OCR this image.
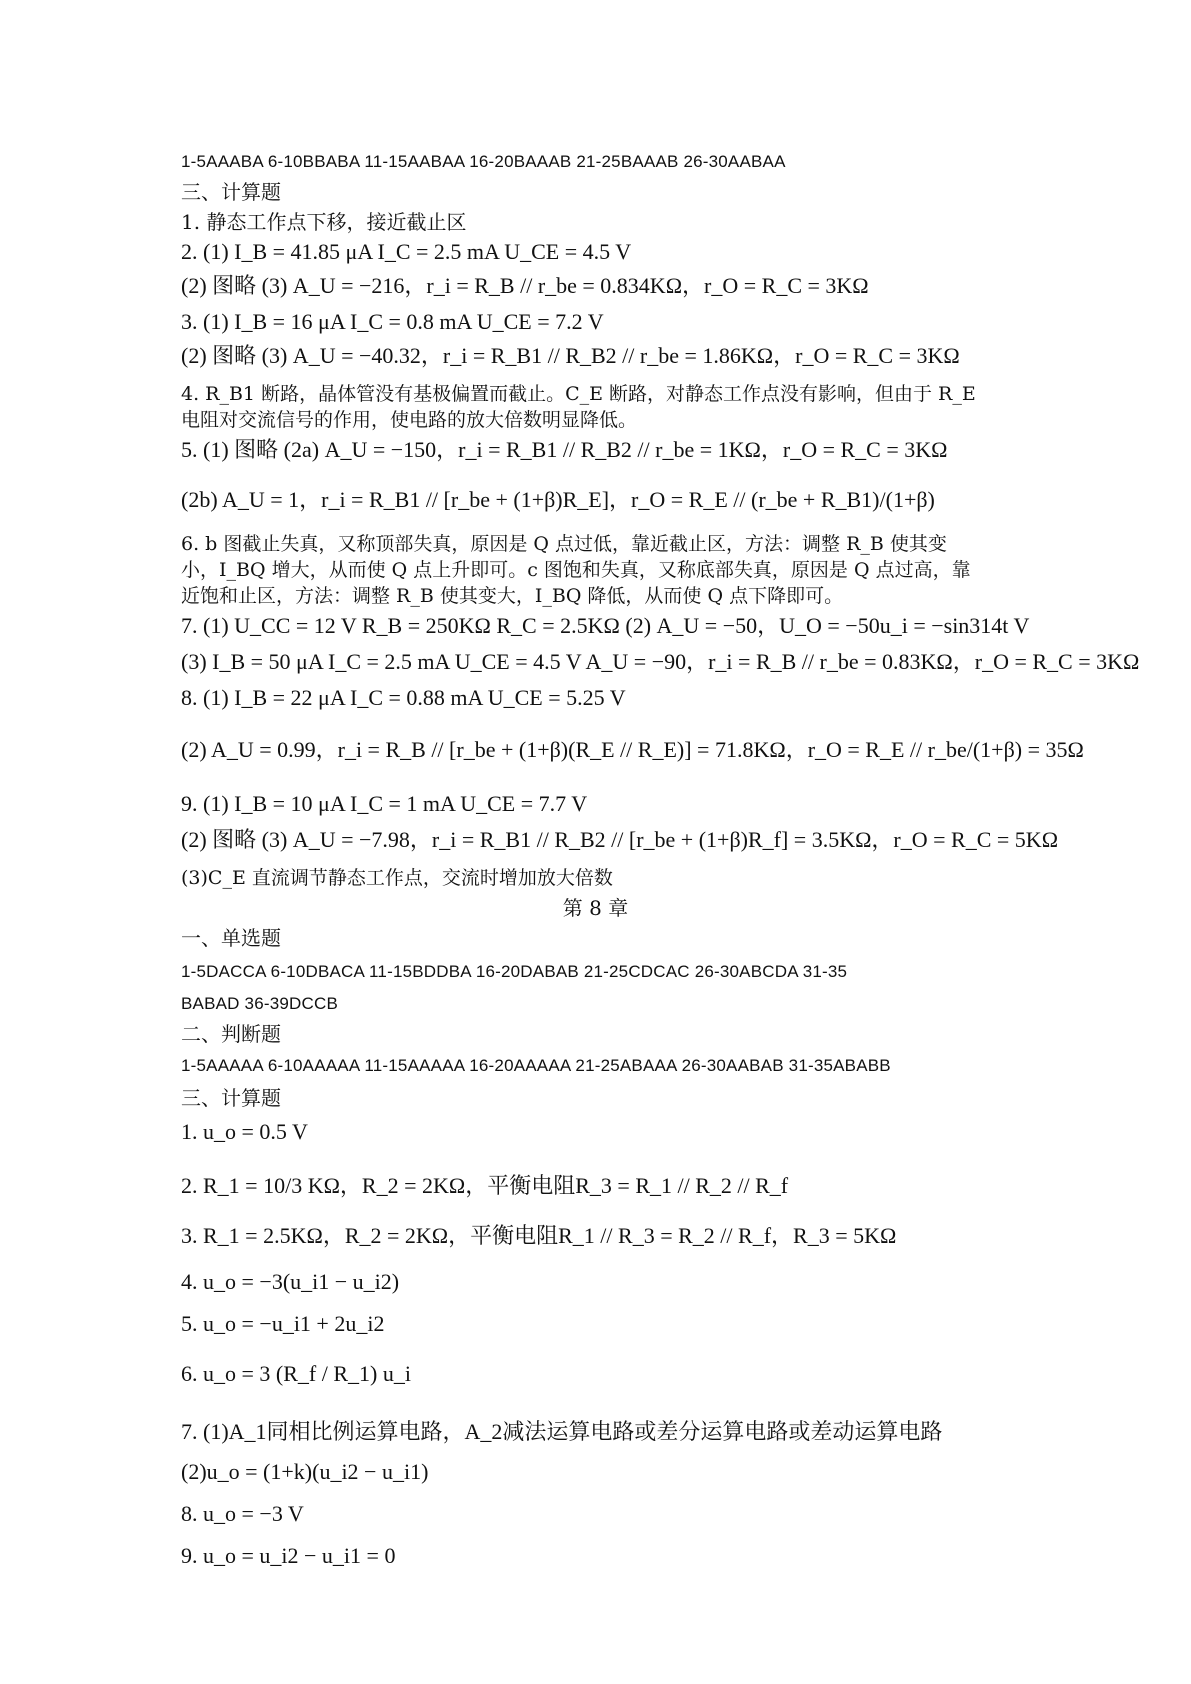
1-5AAABA 6-10BBABA 11-15AABAA 16-20BAAAB 21-25BAAAB 26-30AABAA
三、计算题
1. 静态工作点下移，接近截止区
2. (1) I_B = 41.85 μA I_C = 2.5 mA U_CE = 4.5 V
(2) 图略 (3) A_U = −216，r_i = R_B // r_be = 0.834KΩ，r_O = R_C = 3KΩ
3. (1) I_B = 16 μA I_C = 0.8 mA U_CE = 7.2 V
(2) 图略 (3) A_U = −40.32，r_i = R_B1 // R_B2 // r_be = 1.86KΩ，r_O = R_C = 3KΩ
4. R_B1 断路，晶体管没有基极偏置而截止。C_E 断路，对静态工作点没有影响，但由于 R_E
电阻对交流信号的作用，使电路的放大倍数明显降低。
5. (1) 图略 (2a) A_U = −150，r_i = R_B1 // R_B2 // r_be = 1KΩ，r_O = R_C = 3KΩ
(2b) A_U = 1，r_i = R_B1 // [r_be + (1+β)R_E]，r_O = R_E // (r_be + R_B1)/(1+β)
6. b 图截止失真，又称顶部失真，原因是 Q 点过低，靠近截止区，方法：调整 R_B 使其变
小，I_BQ 增大，从而使 Q 点上升即可。c 图饱和失真，又称底部失真，原因是 Q 点过高，靠
近饱和止区，方法：调整 R_B 使其变大，I_BQ 降低，从而使 Q 点下降即可。
7. (1) U_CC = 12 V R_B = 250KΩ R_C = 2.5KΩ (2) A_U = −50，U_O = −50u_i = −sin314t V
(3) I_B = 50 μA I_C = 2.5 mA U_CE = 4.5 V A_U = −90，r_i = R_B // r_be = 0.83KΩ，r_O = R_C = 3KΩ
8. (1) I_B = 22 μA I_C = 0.88 mA U_CE = 5.25 V
(2) A_U = 0.99，r_i = R_B // [r_be + (1+β)(R_E // R_E)] = 71.8KΩ，r_O = R_E // r_be/(1+β) = 35Ω
9. (1) I_B = 10 μA I_C = 1 mA U_CE = 7.7 V
(2) 图略 (3) A_U = −7.98，r_i = R_B1 // R_B2 // [r_be + (1+β)R_f] = 3.5KΩ，r_O = R_C = 5KΩ
(3)C_E 直流调节静态工作点，交流时增加放大倍数
第 8 章
一、单选题
1-5DACCA 6-10DBACA 11-15BDDBA 16-20DABAB 21-25CDCAC 26-30ABCDA 31-35
BABAD 36-39DCCB
二、判断题
1-5AAAAA 6-10AAAAA 11-15AAAAA 16-20AAAAA 21-25ABAAA 26-30AABAB 31-35ABABB
三、计算题
1. u_o = 0.5 V
2. R_1 = 10/3 KΩ，R_2 = 2KΩ，平衡电阻R_3 = R_1 // R_2 // R_f
3. R_1 = 2.5KΩ，R_2 = 2KΩ，平衡电阻R_1 // R_3 = R_2 // R_f，R_3 = 5KΩ
4. u_o = −3(u_i1 − u_i2)
5. u_o = −u_i1 + 2u_i2
6. u_o = 3 (R_f / R_1) u_i
7. (1)A_1同相比例运算电路，A_2减法运算电路或差分运算电路或差动运算电路
(2)u_o = (1+k)(u_i2 − u_i1)
8. u_o = −3 V
9. u_o = u_i2 − u_i1 = 0
